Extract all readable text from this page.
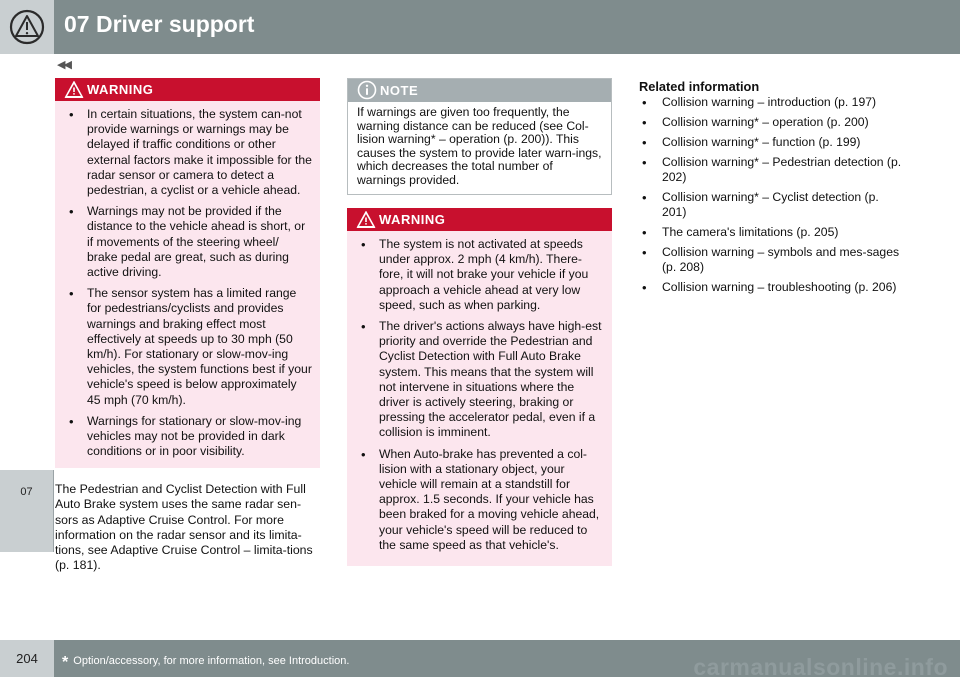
07 Driver support
◀◀
07
WARNING
• In certain situations, the system can-not provide warnings or warnings may be delayed if traffic conditions or other external factors make it impossible for the radar sensor or camera to detect a pedestrian, a cyclist or a vehicle ahead.
• Warnings may not be provided if the distance to the vehicle ahead is short, or if movements of the steering wheel/ brake pedal are great, such as during active driving.
• The sensor system has a limited range for pedestrians/cyclists and provides warnings and braking effect most effectively at speeds up to 30 mph (50 km/h). For stationary or slow-mov-ing vehicles, the system functions best if your vehicle's speed is below approximately 45 mph (70 km/h).
• Warnings for stationary or slow-mov-ing vehicles may not be provided in dark conditions or in poor visibility.
The Pedestrian and Cyclist Detection with Full Auto Brake system uses the same radar sen-sors as Adaptive Cruise Control. For more information on the radar sensor and its limita-tions, see Adaptive Cruise Control – limita-tions (p. 181).
NOTE
If warnings are given too frequently, the warning distance can be reduced (see Col-lision warning* – operation (p. 200)). This causes the system to provide later warn-ings, which decreases the total number of warnings provided.
WARNING
• The system is not activated at speeds under approx. 2 mph (4 km/h). There-fore, it will not brake your vehicle if you approach a vehicle ahead at very low speed, such as when parking.
• The driver's actions always have high-est priority and override the Pedestrian and Cyclist Detection with Full Auto Brake system. This means that the system will not intervene in situations where the driver is actively steering, braking or pressing the accelerator pedal, even if a collision is imminent.
• When Auto-brake has prevented a col-lision with a stationary object, your vehicle will remain at a standstill for approx. 1.5 seconds. If your vehicle has been braked for a moving vehicle ahead, your vehicle's speed will be reduced to the same speed as that vehicle's.
Related information
• Collision warning – introduction (p. 197)
• Collision warning* – operation (p. 200)
• Collision warning* – function (p. 199)
• Collision warning* – Pedestrian detection (p. 202)
• Collision warning* – Cyclist detection (p. 201)
• The camera's limitations (p. 205)
• Collision warning – symbols and mes-sages (p. 208)
• Collision warning – troubleshooting (p. 206)
204	* Option/accessory, for more information, see Introduction.	carmanualsonline.info
